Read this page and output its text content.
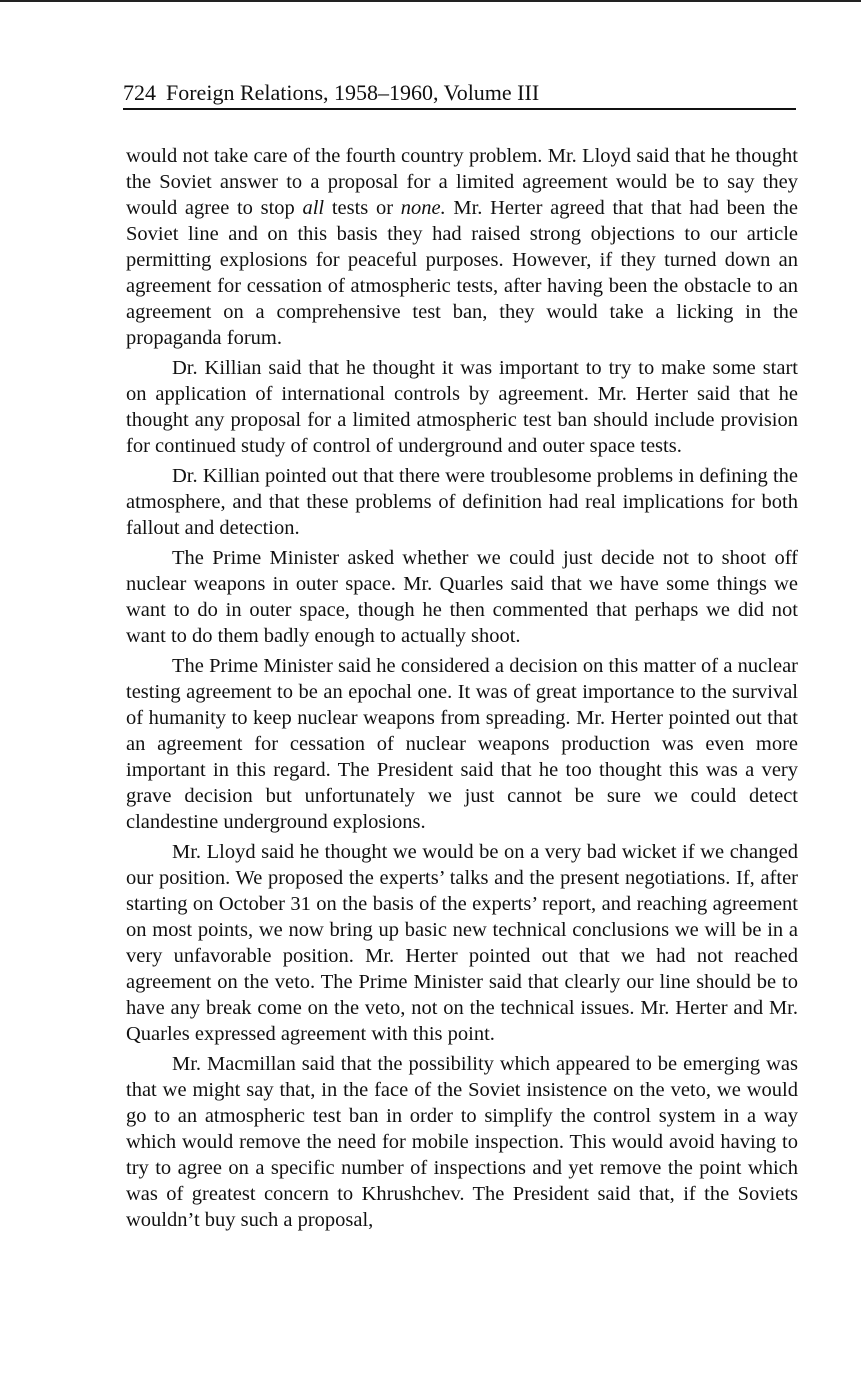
724 Foreign Relations, 1958–1960, Volume III

would not take care of the fourth country problem. Mr. Lloyd said that he thought the Soviet answer to a proposal for a limited agreement would be to say they would agree to stop all tests or none. Mr. Herter agreed that that had been the Soviet line and on this basis they had raised strong objections to our article permitting explosions for peaceful purposes. However, if they turned down an agreement for cessation of atmospheric tests, after having been the obstacle to an agreement on a comprehensive test ban, they would take a licking in the propaganda forum.

Dr. Killian said that he thought it was important to try to make some start on application of international controls by agreement. Mr. Herter said that he thought any proposal for a limited atmospheric test ban should include provision for continued study of control of underground and outer space tests.

Dr. Killian pointed out that there were troublesome problems in defining the atmosphere, and that these problems of definition had real implications for both fallout and detection.

The Prime Minister asked whether we could just decide not to shoot off nuclear weapons in outer space. Mr. Quarles said that we have some things we want to do in outer space, though he then commented that perhaps we did not want to do them badly enough to actually shoot.

The Prime Minister said he considered a decision on this matter of a nuclear testing agreement to be an epochal one. It was of great importance to the survival of humanity to keep nuclear weapons from spreading. Mr. Herter pointed out that an agreement for cessation of nuclear weapons production was even more important in this regard. The President said that he too thought this was a very grave decision but unfortunately we just cannot be sure we could detect clandestine underground explosions.

Mr. Lloyd said he thought we would be on a very bad wicket if we changed our position. We proposed the experts’ talks and the present negotiations. If, after starting on October 31 on the basis of the experts’ report, and reaching agreement on most points, we now bring up basic new technical conclusions we will be in a very unfavorable position. Mr. Herter pointed out that we had not reached agreement on the veto. The Prime Minister said that clearly our line should be to have any break come on the veto, not on the technical issues. Mr. Herter and Mr. Quarles expressed agreement with this point.

Mr. Macmillan said that the possibility which appeared to be emerging was that we might say that, in the face of the Soviet insistence on the veto, we would go to an atmospheric test ban in order to simplify the control system in a way which would remove the need for mobile inspection. This would avoid having to try to agree on a specific number of inspections and yet remove the point which was of greatest concern to Khrushchev. The President said that, if the Soviets wouldn’t buy such a proposal,
